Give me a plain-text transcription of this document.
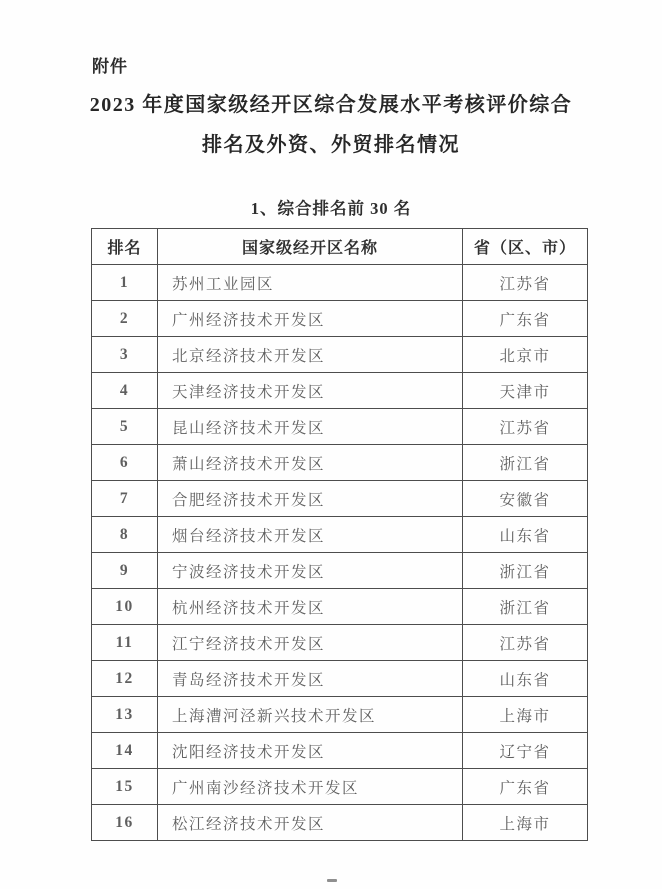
附件
2023 年度国家级经开区综合发展水平考核评价综合
排名及外资、外贸排名情况
1、综合排名前 30 名
排名	国家级经开区名称	省（区、市）
1	苏州工业园区	江苏省
2	广州经济技术开发区	广东省
3	北京经济技术开发区	北京市
4	天津经济技术开发区	天津市
5	昆山经济技术开发区	江苏省
6	萧山经济技术开发区	浙江省
7	合肥经济技术开发区	安徽省
8	烟台经济技术开发区	山东省
9	宁波经济技术开发区	浙江省
10	杭州经济技术开发区	浙江省
11	江宁经济技术开发区	江苏省
12	青岛经济技术开发区	山东省
13	上海漕河泾新兴技术开发区	上海市
14	沈阳经济技术开发区	辽宁省
15	广州南沙经济技术开发区	广东省
16	松江经济技术开发区	上海市
